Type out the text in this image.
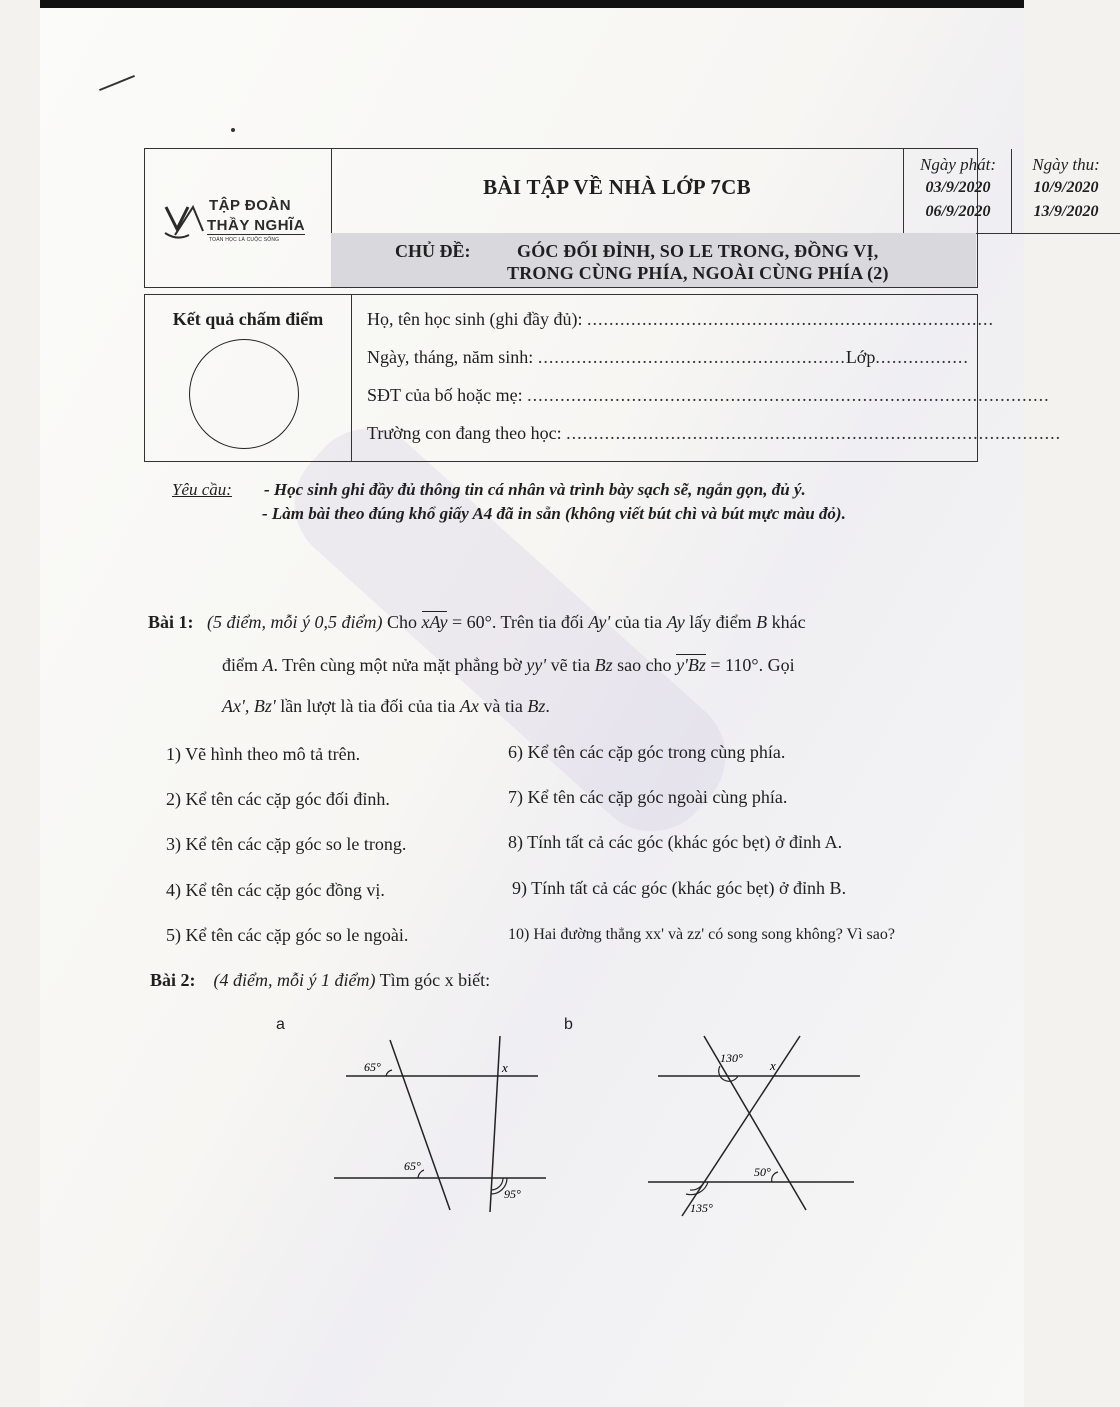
TẬP ĐOÀN
THẦY NGHĨA
TOÁN HỌC LÀ CUỘC SỐNG
BÀI TẬP VỀ NHÀ LỚP 7CB
Ngày phát:
03/9/2020
06/9/2020
Ngày thu:
10/9/2020
13/9/2020
CHỦ ĐỀ:	GÓC ĐỐI ĐỈNH, SO LE TRONG, ĐỒNG VỊ,
TRONG CÙNG PHÍA, NGOÀI CÙNG PHÍA (2)
Kết quả chấm điểm	Họ, tên học sinh (ghi đầy đủ): ..........................................................................
Ngày, tháng, năm sinh: ........................................................Lớp.................
SĐT của bố hoặc mẹ: ...............................................................................................
Trường con đang theo học: ..........................................................................................
Yêu cầu: - Học sinh ghi đầy đủ thông tin cá nhân và trình bày sạch sẽ, ngắn gọn, đủ ý.
- Làm bài theo đúng khổ giấy A4 đã in sẵn (không viết bút chì và bút mực màu đỏ).
Bài 1: (5 điểm, mỗi ý 0,5 điểm) Cho xAy = 60°. Trên tia đối Ay' của tia Ay lấy điểm B khác
điểm A. Trên cùng một nửa mặt phẳng bờ yy' vẽ tia Bz sao cho y'Bz = 110°. Gọi
Ax', Bz' lần lượt là tia đối của tia Ax và tia Bz.
1) Vẽ hình theo mô tả trên.
2) Kể tên các cặp góc đối đỉnh.
3) Kể tên các cặp góc so le trong.
4) Kể tên các cặp góc đồng vị.
5) Kể tên các cặp góc so le ngoài.
6) Kể tên các cặp góc trong cùng phía.
7) Kể tên các cặp góc ngoài cùng phía.
8) Tính tất cả các góc (khác góc bẹt) ở đỉnh A.
9) Tính tất cả các góc (khác góc bẹt) ở đỉnh B.
10) Hai đường thẳng xx' và zz' có song song không? Vì sao?
Bài 2: (4 điểm, mỗi ý 1 điểm) Tìm góc x biết:
a	b
65°
65°
95°
x
130°
50°
135°
x
